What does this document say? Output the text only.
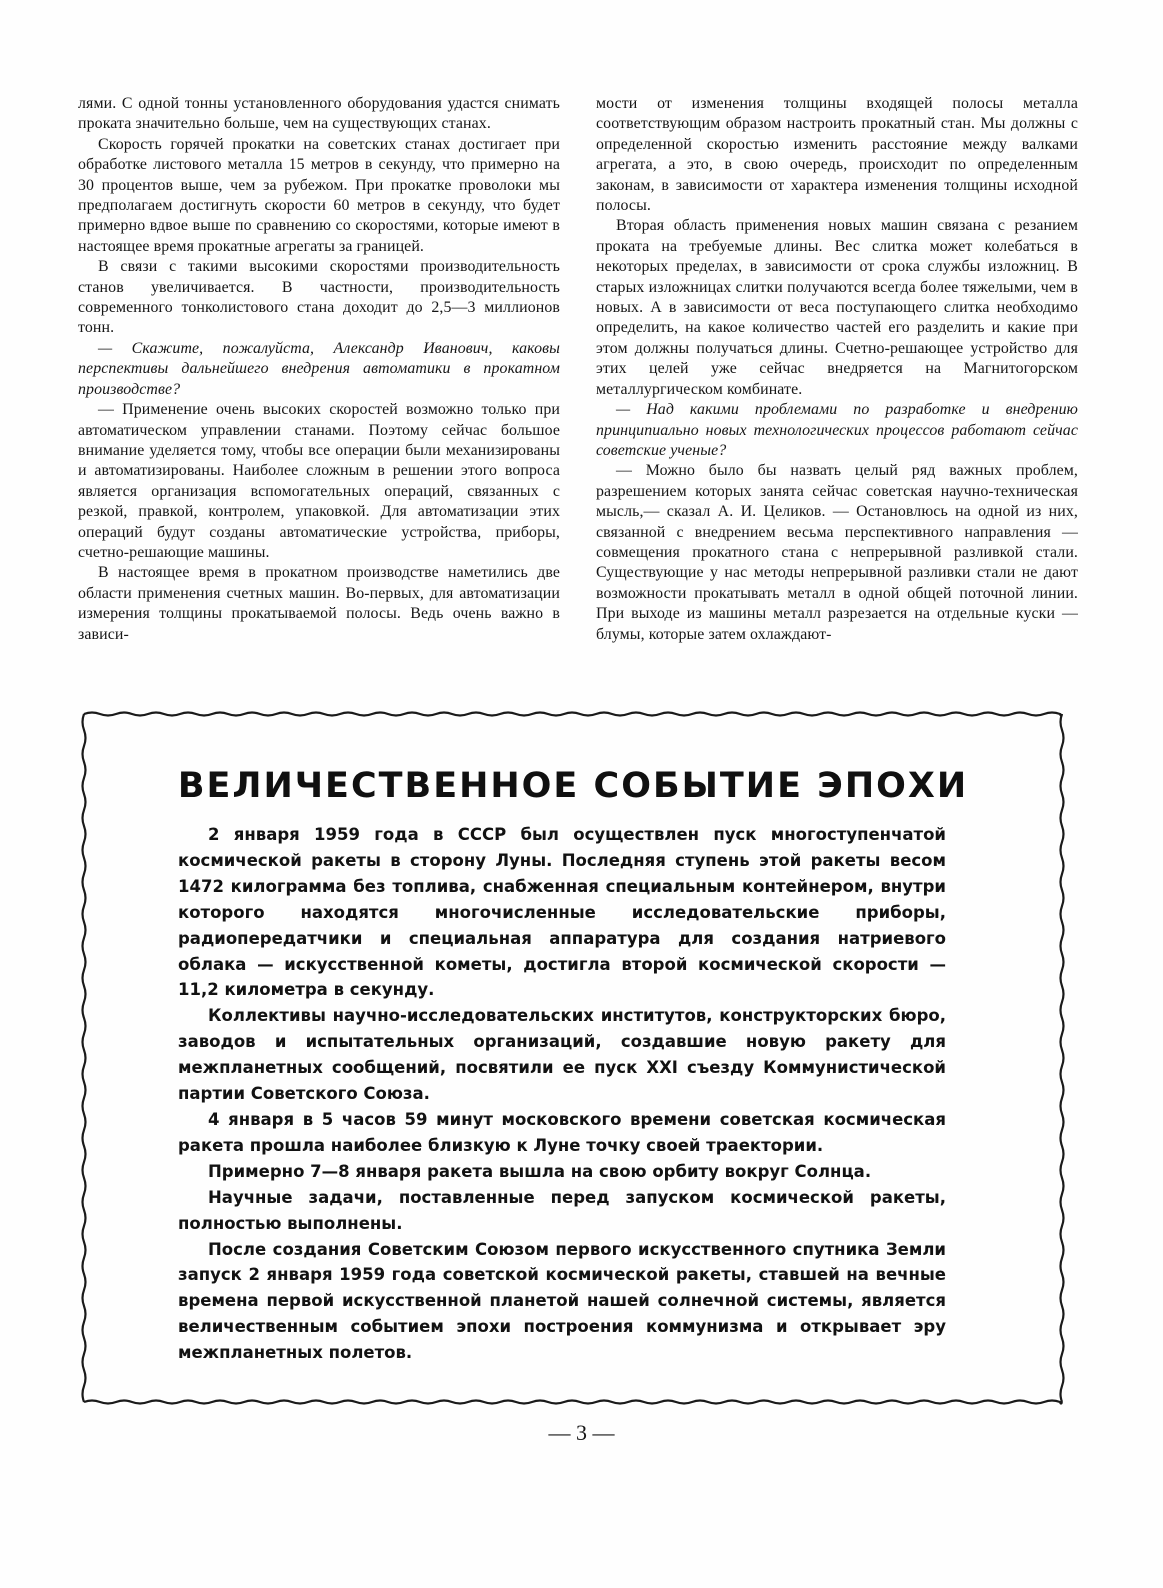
лями. С одной тонны установленного оборудования удастся снимать проката значительно больше, чем на существующих станах.

Скорость горячей прокатки на советских станах достигает при обработке листового металла 15 метров в секунду, что примерно на 30 процентов выше, чем за рубежом. При прокатке проволоки мы предполагаем достигнуть скорости 60 метров в секунду, что будет примерно вдвое выше по сравнению со скоростями, которые имеют в настоящее время прокатные агрегаты за границей.

В связи с такими высокими скоростями производительность станов увеличивается. В частности, производительность современного тонколистового стана доходит до 2,5—3 миллионов тонн.

— Скажите, пожалуйста, Александр Иванович, каковы перспективы дальнейшего внедрения автоматики в прокатном производстве?

— Применение очень высоких скоростей возможно только при автоматическом управлении станами. Поэтому сейчас большое внимание уделяется тому, чтобы все операции были механизированы и автоматизированы. Наиболее сложным в решении этого вопроса является организация вспомогательных операций, связанных с резкой, правкой, контролем, упаковкой. Для автоматизации этих операций будут созданы автоматические устройства, приборы, счетно-решающие машины.

В настоящее время в прокатном производстве наметились две области применения счетных машин. Во-первых, для автоматизации измерения толщины прокатываемой полосы. Ведь очень важно в зависи-

мости от изменения толщины входящей полосы металла соответствующим образом настроить прокатный стан. Мы должны с определенной скоростью изменить расстояние между валками агрегата, а это, в свою очередь, происходит по определенным законам, в зависимости от характера изменения толщины исходной полосы.

Вторая область применения новых машин связана с резанием проката на требуемые длины. Вес слитка может колебаться в некоторых пределах, в зависимости от срока службы изложниц. В старых изложницах слитки получаются всегда более тяжелыми, чем в новых. А в зависимости от веса поступающего слитка необходимо определить, на какое количество частей его разделить и какие при этом должны получаться длины. Счетно-решающее устройство для этих целей уже сейчас внедряется на Магнитогорском металлургическом комбинате.

— Над какими проблемами по разработке и внедрению принципиально новых технологических процессов работают сейчас советские ученые?

— Можно было бы назвать целый ряд важных проблем, разрешением которых занята сейчас советская научно-техническая мысль,— сказал А. И. Целиков. — Остановлюсь на одной из них, связанной с внедрением весьма перспективного направления — совмещения прокатного стана с непрерывной разливкой стали. Существующие у нас методы непрерывной разливки стали не дают возможности прокатывать металл в одной общей поточной линии. При выходе из машины металл разрезается на отдельные куски — блумы, которые затем охлаждают-

ВЕЛИЧЕСТВЕННОЕ СОБЫТИЕ ЭПОХИ

2 января 1959 года в СССР был осуществлен пуск многоступенчатой космической ракеты в сторону Луны. Последняя ступень этой ракеты весом 1472 килограмма без топлива, снабженная специальным контейнером, внутри которого находятся многочисленные исследовательские приборы, радиопередатчики и специальная аппаратура для создания натриевого облака — искусственной кометы, достигла второй космической скорости — 11,2 километра в секунду.

Коллективы научно-исследовательских институтов, конструкторских бюро, заводов и испытательных организаций, создавшие новую ракету для межпланетных сообщений, посвятили ее пуск XXI съезду Коммунистической партии Советского Союза.

4 января в 5 часов 59 минут московского времени советская космическая ракета прошла наиболее близкую к Луне точку своей траектории.

Примерно 7—8 января ракета вышла на свою орбиту вокруг Солнца.

Научные задачи, поставленные перед запуском космической ракеты, полностью выполнены.

После создания Советским Союзом первого искусственного спутника Земли запуск 2 января 1959 года советской космической ракеты, ставшей на вечные времена первой искусственной планетой нашей солнечной системы, является величественным событием эпохи построения коммунизма и открывает эру межпланетных полетов.

— 3 —
